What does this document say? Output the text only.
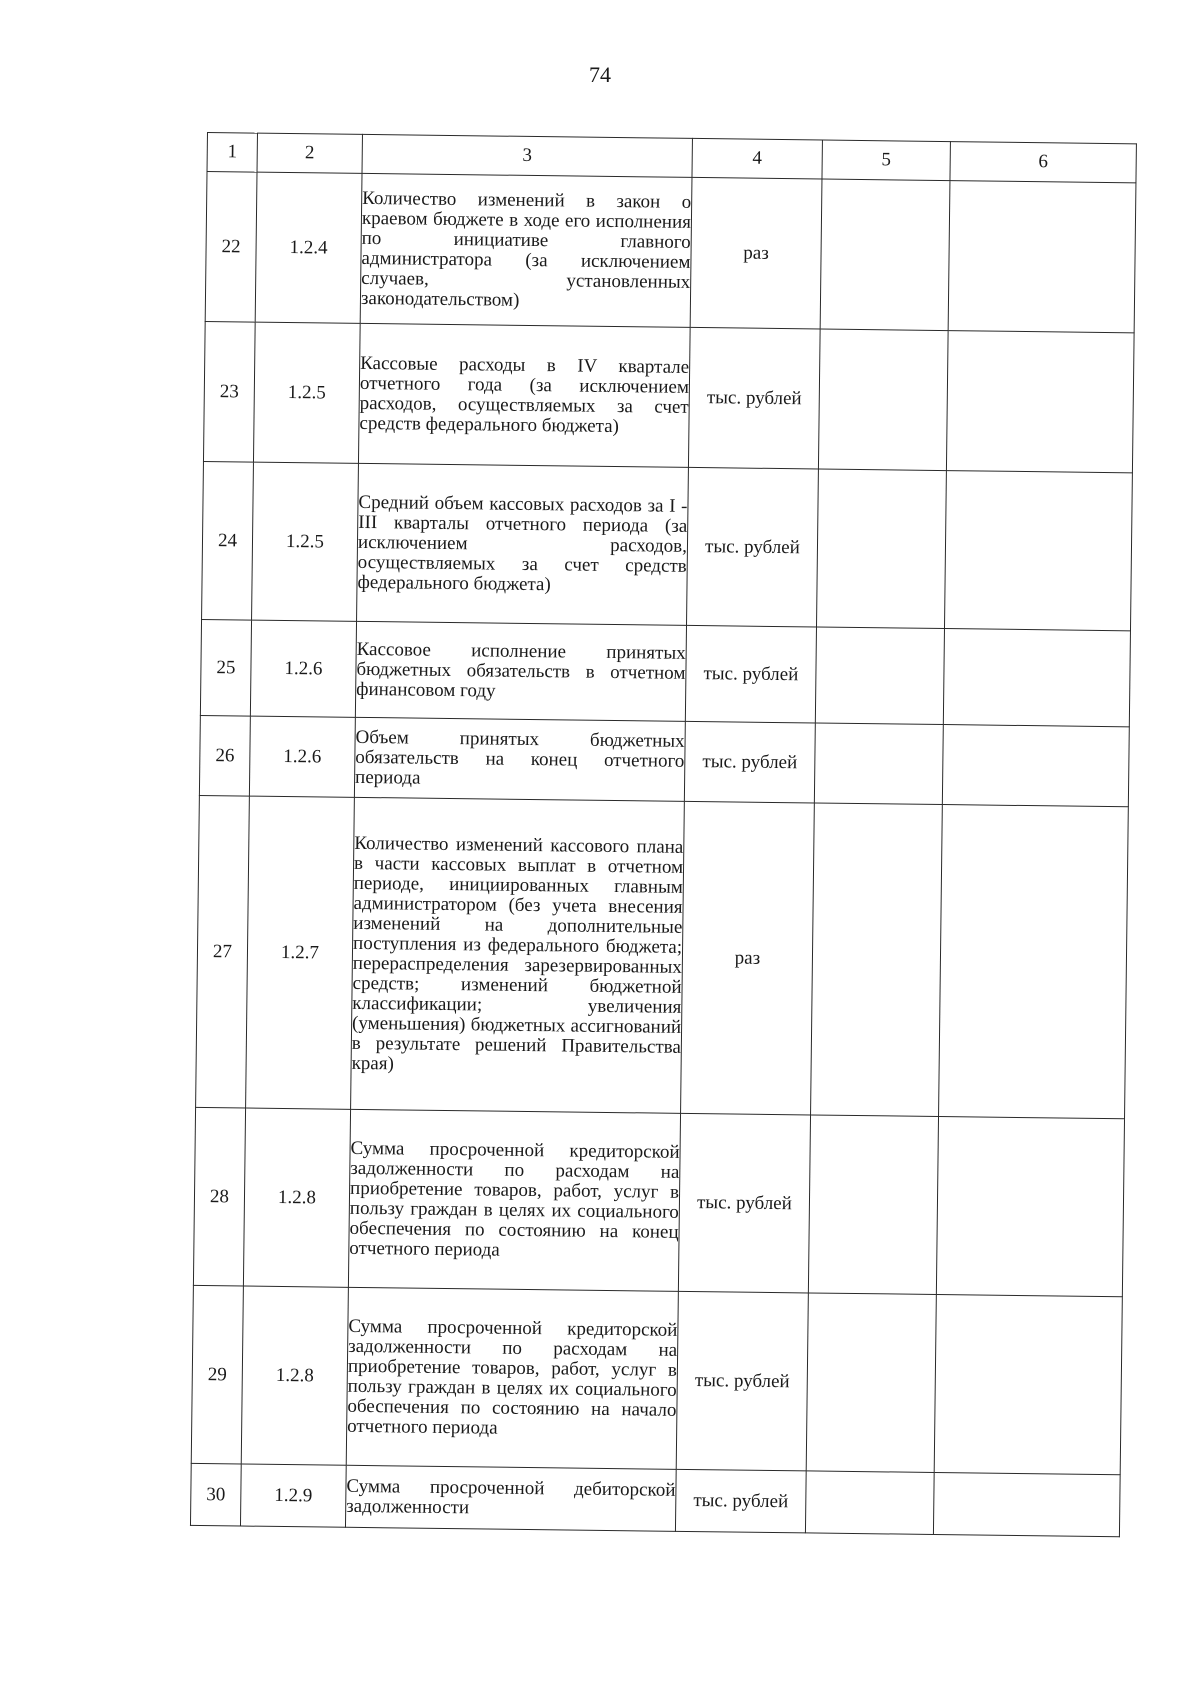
74
1	2	3	4	5	6
22	1.2.4	Количество изменений в закон о краевом бюджете в ходе его исполнения по инициативе главного администратора (за исключением случаев, установленных законодательством)	раз		
23	1.2.5	Кассовые расходы в IV квартале отчетного года (за исключением расходов, осуществляемых за счет средств федерального бюджета)	тыс. рублей		
24	1.2.5	Средний объем кассовых расходов за I - III кварталы отчетного периода (за исключением расходов, осуществляемых за счет средств федерального бюджета)	тыс. рублей		
25	1.2.6	Кассовое исполнение принятых бюджетных обязательств в отчетном финансовом году	тыс. рублей		
26	1.2.6	Объем принятых бюджетных обязательств на конец отчетного периода	тыс. рублей		
27	1.2.7	Количество изменений кассового плана в части кассовых выплат в отчетном периоде, инициированных главным администратором (без учета внесения изменений на дополнительные поступления из федерального бюджета; перераспределения зарезервированных средств; изменений бюджетной классификации; увеличения (уменьшения) бюджетных ассигнований в результате решений Правительства края)	раз		
28	1.2.8	Сумма просроченной кредиторской задолженности по расходам на приобретение товаров, работ, услуг в пользу граждан в целях их социального обеспечения по состоянию на конец отчетного периода	тыс. рублей		
29	1.2.8	Сумма просроченной кредиторской задолженности по расходам на приобретение товаров, работ, услуг в пользу граждан в целях их социального обеспечения по состоянию на начало отчетного периода	тыс. рублей		
30	1.2.9	Сумма просроченной дебиторской задолженности	тыс. рублей		
